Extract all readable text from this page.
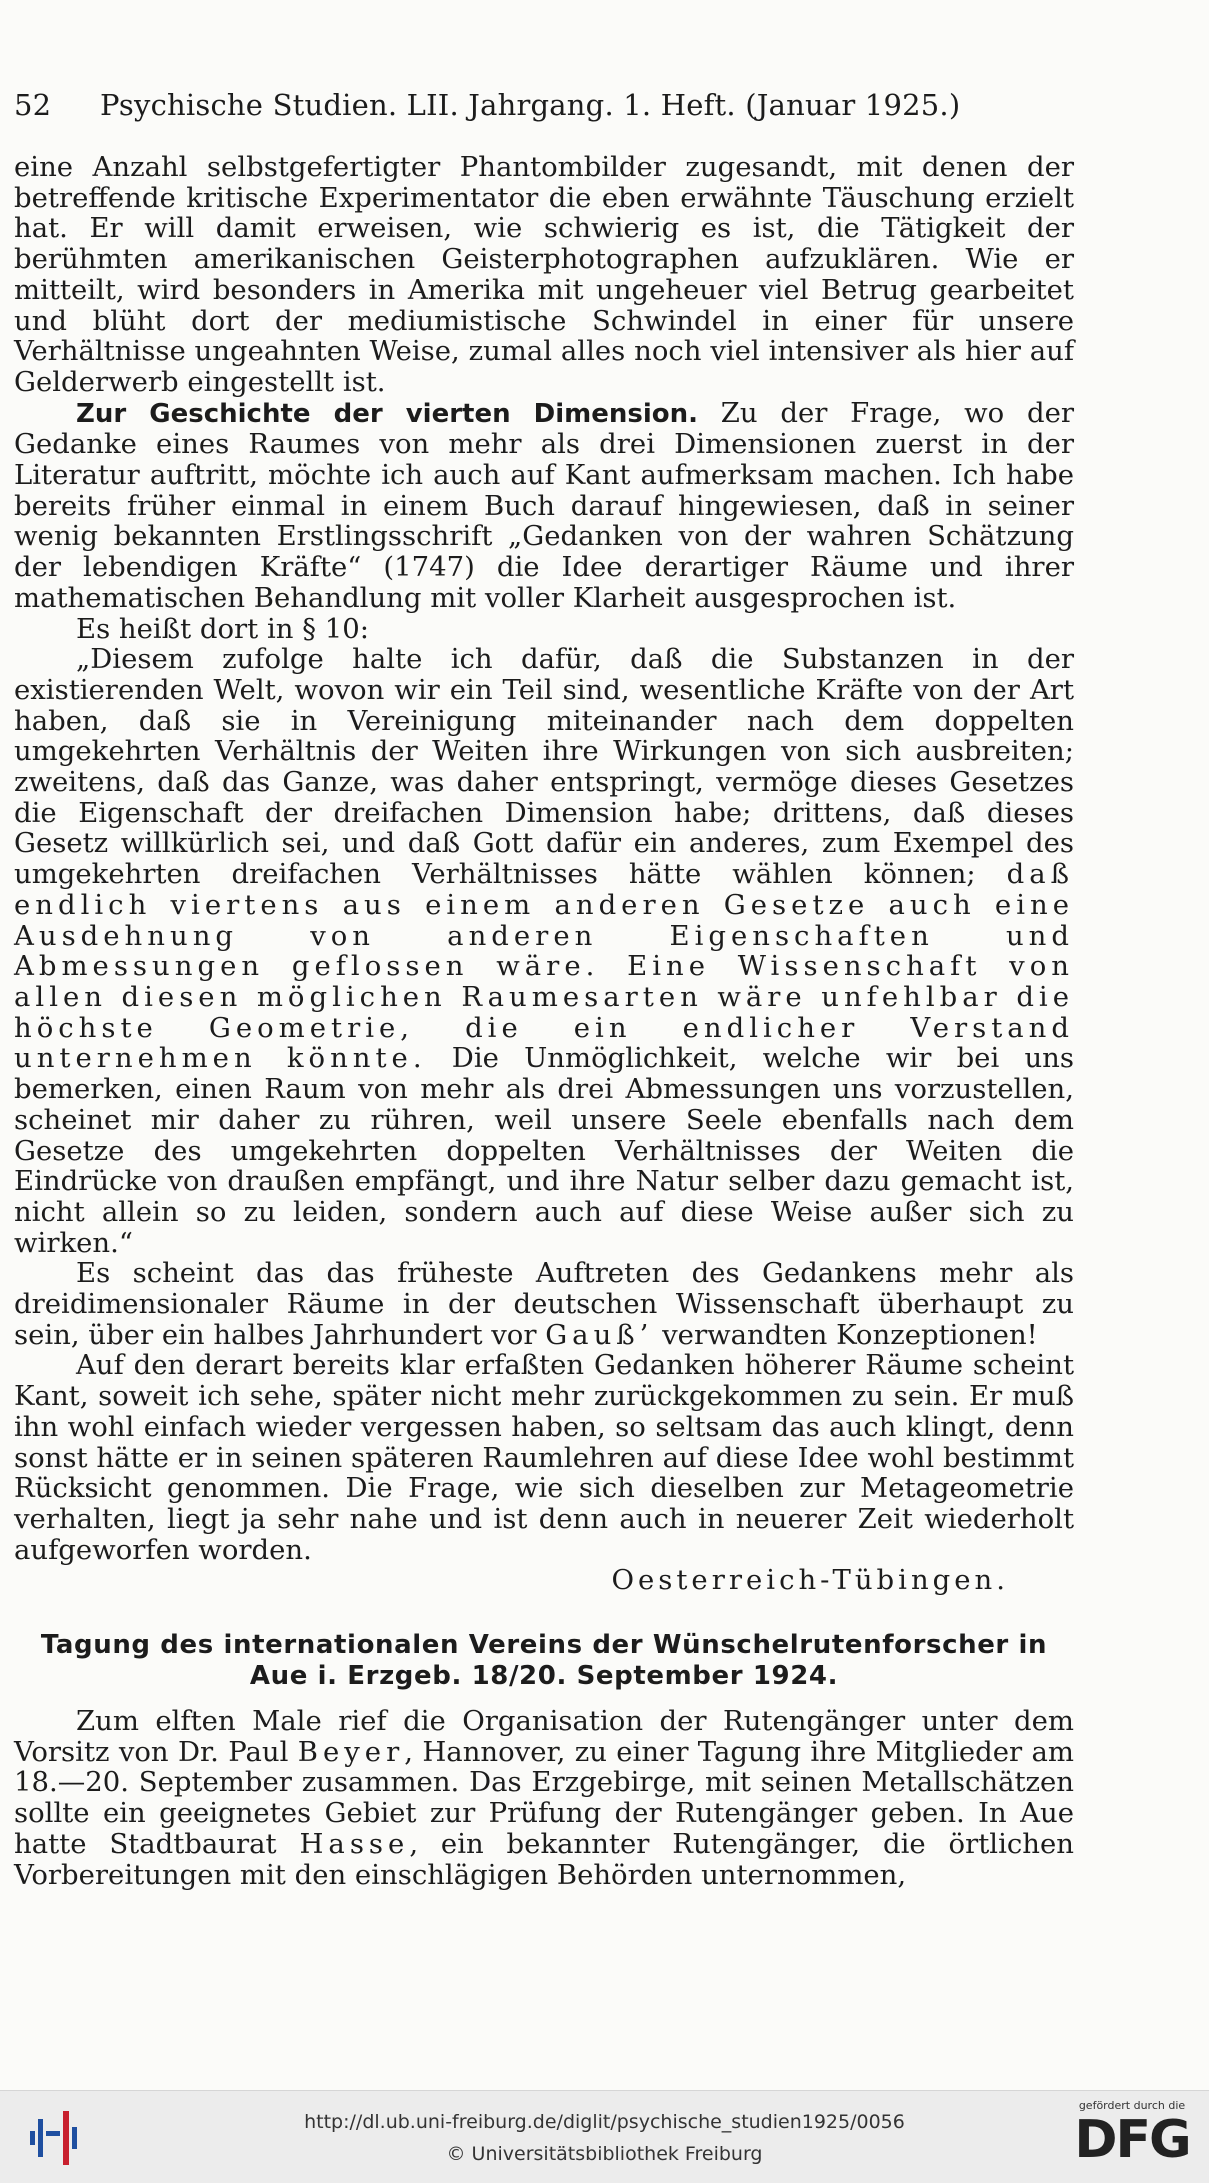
52 Psychische Studien. LII. Jahrgang. 1. Heft. (Januar 1925.)

eine Anzahl selbstgefertigter Phantombilder zugesandt, mit denen der betreffende kritische Experimentator die eben erwähnte Täuschung erzielt hat. Er will damit erweisen, wie schwierig es ist, die Tätigkeit der berühmten amerikanischen Geisterphotographen aufzuklären. Wie er mitteilt, wird besonders in Amerika mit ungeheuer viel Betrug gearbeitet und blüht dort der mediumistische Schwindel in einer für unsere Verhältnisse ungeahnten Weise, zumal alles noch viel intensiver als hier auf Gelderwerb eingestellt ist.

Zur Geschichte der vierten Dimension. Zu der Frage, wo der Gedanke eines Raumes von mehr als drei Dimensionen zuerst in der Literatur auftritt, möchte ich auch auf Kant aufmerksam machen. Ich habe bereits früher einmal in einem Buch darauf hingewiesen, daß in seiner wenig bekannten Erstlingsschrift „Gedanken von der wahren Schätzung der lebendigen Kräfte“ (1747) die Idee derartiger Räume und ihrer mathematischen Behandlung mit voller Klarheit ausgesprochen ist.

Es heißt dort in § 10:

„Diesem zufolge halte ich dafür, daß die Substanzen in der existierenden Welt, wovon wir ein Teil sind, wesentliche Kräfte von der Art haben, daß sie in Vereinigung miteinander nach dem doppelten umgekehrten Verhältnis der Weiten ihre Wirkungen von sich ausbreiten; zweitens, daß das Ganze, was daher entspringt, vermöge dieses Gesetzes die Eigenschaft der dreifachen Dimension habe; drittens, daß dieses Gesetz willkürlich sei, und daß Gott dafür ein anderes, zum Exempel des umgekehrten dreifachen Verhältnisses hätte wählen können; daß endlich viertens aus einem anderen Gesetze auch eine Ausdehnung von anderen Eigenschaften und Abmessungen geflossen wäre. Eine Wissenschaft von allen diesen möglichen Raumesarten wäre unfehlbar die höchste Geometrie, die ein endlicher Verstand unternehmen könnte. Die Unmöglichkeit, welche wir bei uns bemerken, einen Raum von mehr als drei Abmessungen uns vorzustellen, scheinet mir daher zu rühren, weil unsere Seele ebenfalls nach dem Gesetze des umgekehrten doppelten Verhältnisses der Weiten die Eindrücke von draußen empfängt, und ihre Natur selber dazu gemacht ist, nicht allein so zu leiden, sondern auch auf diese Weise außer sich zu wirken.“

Es scheint das das früheste Auftreten des Gedankens mehr als dreidimensionaler Räume in der deutschen Wissenschaft überhaupt zu sein, über ein halbes Jahrhundert vor Gauß’ verwandten Konzeptionen!

Auf den derart bereits klar erfaßten Gedanken höherer Räume scheint Kant, soweit ich sehe, später nicht mehr zurückgekommen zu sein. Er muß ihn wohl einfach wieder vergessen haben, so seltsam das auch klingt, denn sonst hätte er in seinen späteren Raumlehren auf diese Idee wohl bestimmt Rücksicht genommen. Die Frage, wie sich dieselben zur Metageometrie verhalten, liegt ja sehr nahe und ist denn auch in neuerer Zeit wiederholt aufgeworfen worden.

Oesterreich-Tübingen.

Tagung des internationalen Vereins der Wünschelrutenforscher in
Aue i. Erzgeb. 18/20. September 1924.

Zum elften Male rief die Organisation der Rutengänger unter dem Vorsitz von Dr. Paul Beyer, Hannover, zu einer Tagung ihre Mitglieder am 18.—20. September zusammen. Das Erzgebirge, mit seinen Metallschätzen sollte ein geeignetes Gebiet zur Prüfung der Rutengänger geben. In Aue hatte Stadtbaurat Hasse, ein bekannter Rutengänger, die örtlichen Vorbereitungen mit den einschlägigen Behörden unternommen,

http://dl.ub.uni-freiburg.de/diglit/psychische_studien1925/0056
© Universitätsbibliothek Freiburg
gefördert durch die
DFG
